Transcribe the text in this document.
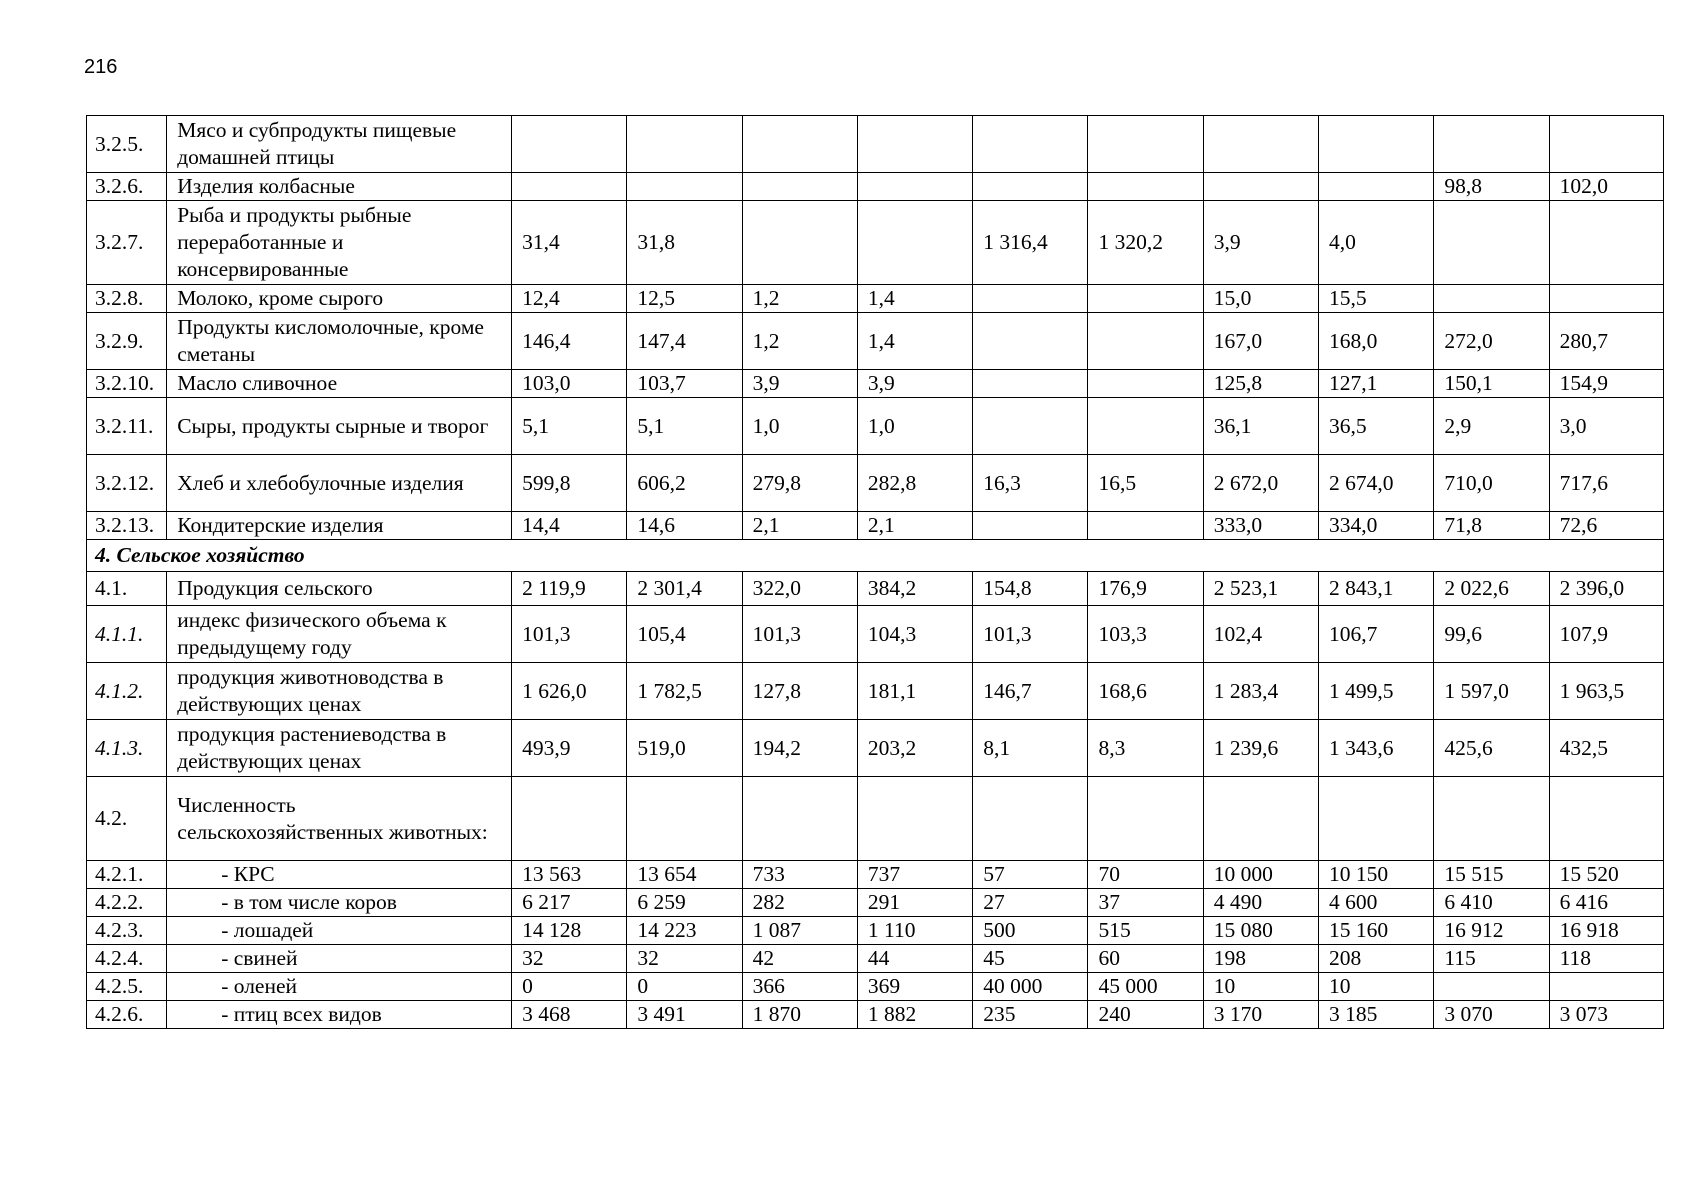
216
3.2.5.	Мясо и субпродукты пищевые домашней птицы										
3.2.6.	Изделия колбасные									98,8	102,0
3.2.7.	Рыба и продукты рыбные переработанные и консервированные	31,4	31,8			1 316,4	1 320,2	3,9	4,0		
3.2.8.	Молоко, кроме сырого	12,4	12,5	1,2	1,4			15,0	15,5		
3.2.9.	Продукты кисломолочные, кроме сметаны	146,4	147,4	1,2	1,4			167,0	168,0	272,0	280,7
3.2.10.	Масло сливочное	103,0	103,7	3,9	3,9			125,8	127,1	150,1	154,9
3.2.11.	Сыры, продукты сырные и творог	5,1	5,1	1,0	1,0			36,1	36,5	2,9	3,0
3.2.12.	Хлеб и хлебобулочные изделия	599,8	606,2	279,8	282,8	16,3	16,5	2 672,0	2 674,0	710,0	717,6
3.2.13.	Кондитерские изделия	14,4	14,6	2,1	2,1			333,0	334,0	71,8	72,6
4. Сельское хозяйство											
4.1.	Продукция сельского	2 119,9	2 301,4	322,0	384,2	154,8	176,9	2 523,1	2 843,1	2 022,6	2 396,0
4.1.1.	индекс физического объема к предыдущему году	101,3	105,4	101,3	104,3	101,3	103,3	102,4	106,7	99,6	107,9
4.1.2.	продукция животноводства в действующих ценах	1 626,0	1 782,5	127,8	181,1	146,7	168,6	1 283,4	1 499,5	1 597,0	1 963,5
4.1.3.	продукция растениеводства в действующих ценах	493,9	519,0	194,2	203,2	8,1	8,3	1 239,6	1 343,6	425,6	432,5
4.2.	Численность сельскохозяйственных животных:										
4.2.1.	- КРС	13 563	13 654	733	737	57	70	10 000	10 150	15 515	15 520
4.2.2.	- в том числе коров	6 217	6 259	282	291	27	37	4 490	4 600	6 410	6 416
4.2.3.	- лошадей	14 128	14 223	1 087	1 110	500	515	15 080	15 160	16 912	16 918
4.2.4.	- свиней	32	32	42	44	45	60	198	208	115	118
4.2.5.	- оленей	0	0	366	369	40 000	45 000	10	10		
4.2.6.	- птиц всех видов	3 468	3 491	1 870	1 882	235	240	3 170	3 185	3 070	3 073
